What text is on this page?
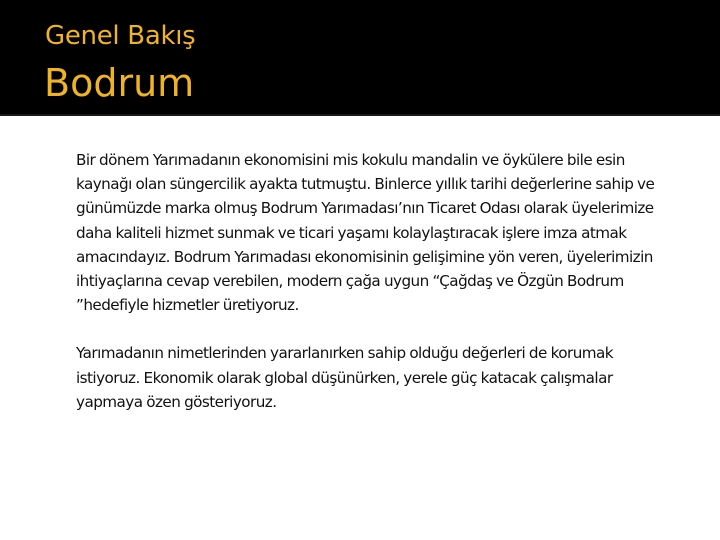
Genel Bakış
Bodrum

Bir dönem Yarımadanın ekonomisini mis kokulu mandalin ve öykülere bile esin kaynağı olan süngercilik ayakta tutmuştu. Binlerce yıllık tarihi değerlerine sahip ve günümüzde marka olmuş Bodrum Yarımadası’nın Ticaret Odası olarak üyelerimize daha kaliteli hizmet sunmak ve ticari yaşamı kolaylaştıracak işlere imza atmak amacındayız. Bodrum Yarımadası ekonomisinin gelişimine yön veren, üyelerimizin ihtiyaçlarına cevap verebilen, modern çağa uygun “Çağdaş ve Özgün Bodrum ”hedefiyle hizmetler üretiyoruz.

Yarımadanın nimetlerinden yararlanırken sahip olduğu değerleri de korumak istiyoruz. Ekonomik olarak global düşünürken, yerele güç katacak çalışmalar yapmaya özen gösteriyoruz.
